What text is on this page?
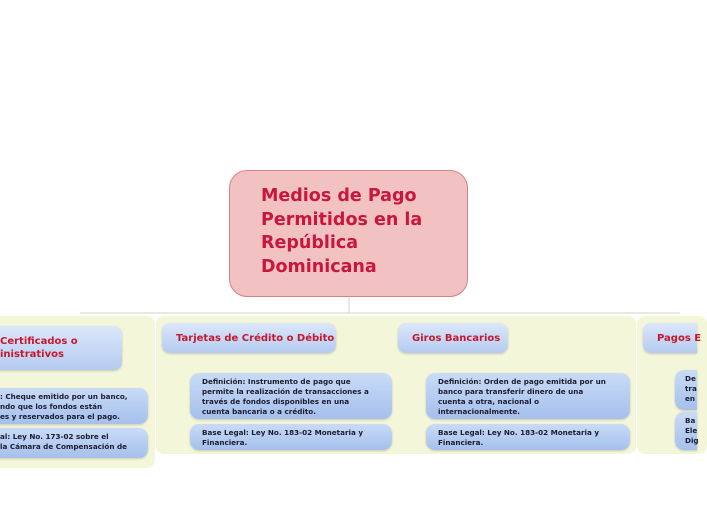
Medios de Pago
Permitidos en la
República
Dominicana
Certificados o
inistrativos
: Cheque emitido por un banco,
ndo que los fondos están
es y reservados para el pago.
al: Ley No. 173-02 sobre el
la Cámara de Compensación de
Tarjetas de Crédito o Débito
Definición: Instrumento de pago que
permite la realización de transacciones a
través de fondos disponibles en una
cuenta bancaria o a crédito.
Base Legal: Ley No. 183-02 Monetaria y
Financiera.
Giros Bancarios
Definición: Orden de pago emitida por un
banco para transferir dinero de una
cuenta a otra, nacional o
internacionalmente.
Base Legal: Ley No. 183-02 Monetaria y
Financiera.
Pagos E
De
tra
en
Ba
Ele
Dig
